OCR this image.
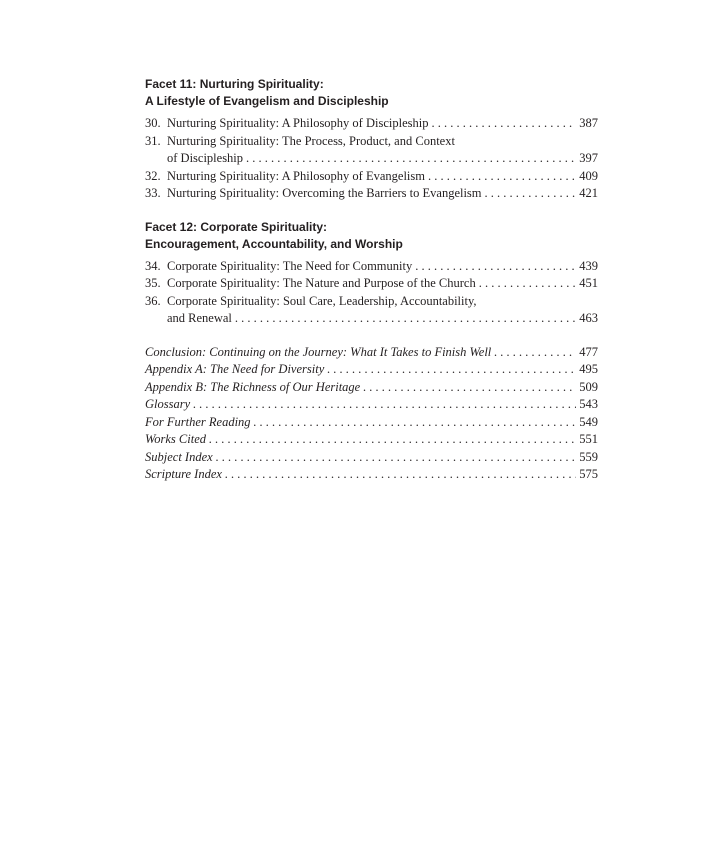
Facet 11: Nurturing Spirituality:
A Lifestyle of Evangelism and Discipleship
30. Nurturing Spirituality: A Philosophy of Discipleship . . .	387
31. Nurturing Spirituality: The Process, Product, and Context
of Discipleship . . .	397
32. Nurturing Spirituality: A Philosophy of Evangelism . . .	409
33. Nurturing Spirituality: Overcoming the Barriers to Evangelism . . .	421
Facet 12: Corporate Spirituality:
Encouragement, Accountability, and Worship
34. Corporate Spirituality: The Need for Community . . .	439
35. Corporate Spirituality: The Nature and Purpose of the Church . . .	451
36. Corporate Spirituality: Soul Care, Leadership, Accountability,
and Renewal . . .	463
Conclusion: Continuing on the Journey: What It Takes to Finish Well . . .	477
Appendix A: The Need for Diversity . . .	495
Appendix B: The Richness of Our Heritage . . .	509
Glossary . . .	543
For Further Reading . . .	549
Works Cited . . .	551
Subject Index . . .	559
Scripture Index . . .	575
